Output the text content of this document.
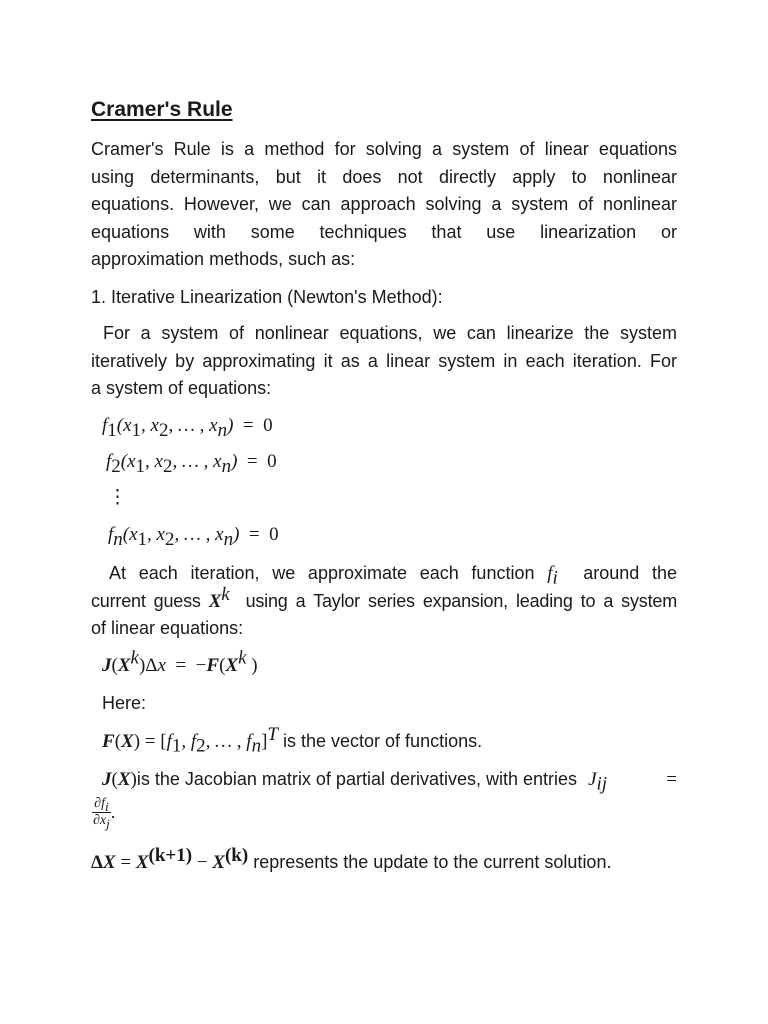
Cramer's Rule
Cramer's Rule is a method for solving a system of linear equations
using determinants, but it does not directly apply to nonlinear
equations. However, we can approach solving a system of nonlinear
equations with some techniques that use linearization or
approximation methods, such as:
1. Iterative Linearization (Newton's Method):
For a system of nonlinear equations, we can linearize the system
iteratively by approximating it as a linear system in each iteration. For
a system of equations:
$f_1(x_1$, $x_2$, … , $x_n) = 0$
$f_2(x_1$, $x_2$, … , $x_n) = 0$
⋮
$f_n(x_1$, $x_2$, … , $x_n) = 0$
At each iteration, we approximate each function $f_i$ around the
current guess $X^k$ using a Taylor series expansion, leading to a system
of linear equations:
$J(X^k)\Delta x = -F(X^k$ )
Here:
$F(X) = [f_1$, $f_2$, … , $f_n]^T$ is the vector of functions.
J(X)is the Jacobian matrix of partial derivatives, with entries $J_{ij}$	=
$\frac{\partial f_i}{\partial x_j}$ .
$\Delta X = X^{(k+1)} - X^{(k)}$ represents the update to the current solution.
